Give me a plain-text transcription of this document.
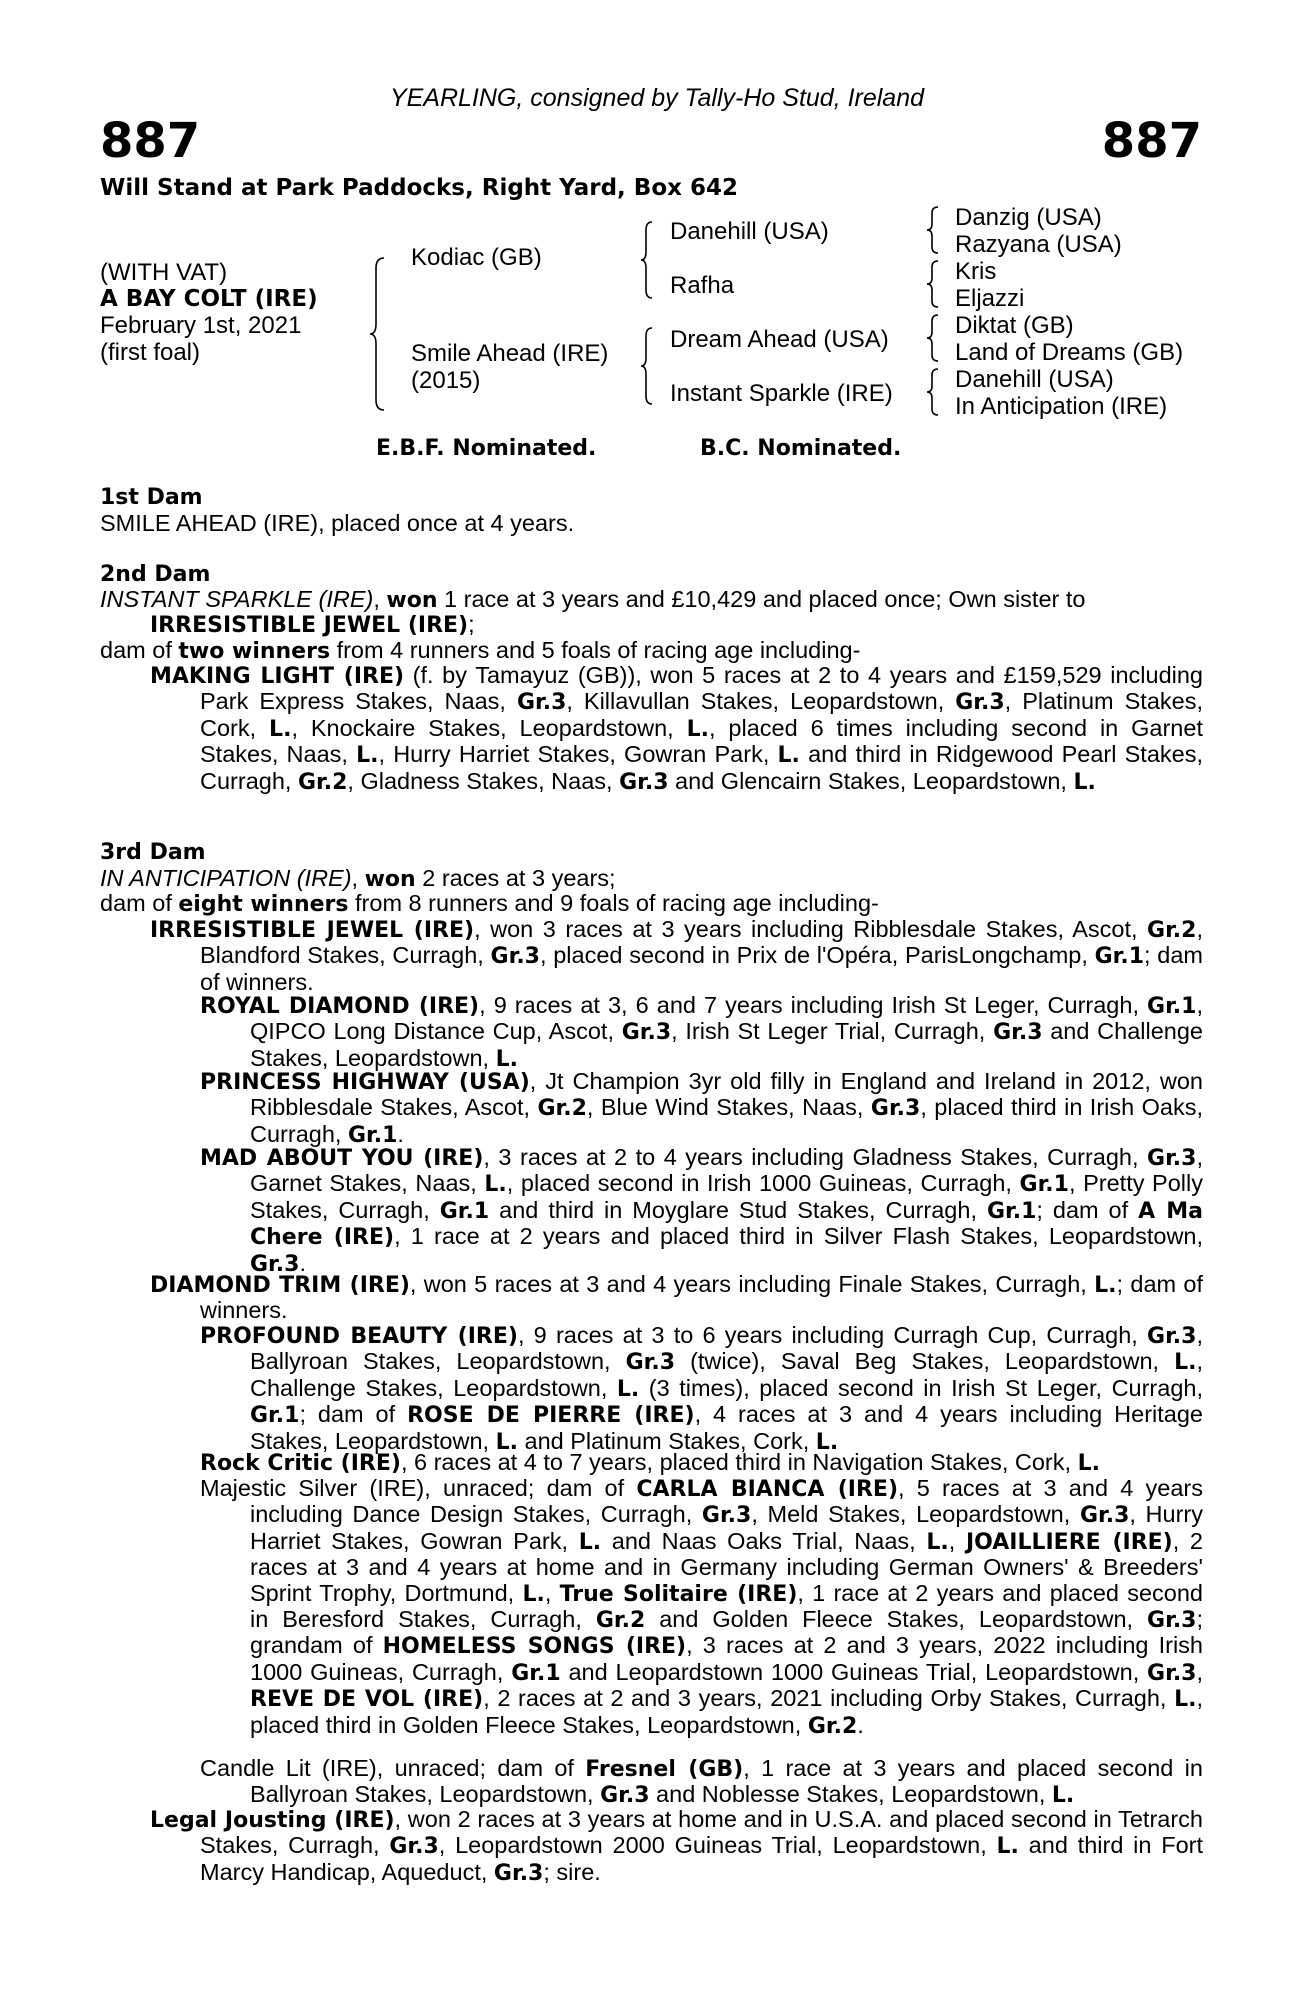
YEARLING, consigned by Tally-Ho Stud, Ireland
887	887
Will Stand at Park Paddocks, Right Yard, Box 642
(WITH VAT)
A BAY COLT (IRE)
February 1st, 2021
(first foal)
Kodiac (GB)
Smile Ahead (IRE)
(2015)
Danehill (USA)
Rafha
Dream Ahead (USA)
Instant Sparkle (IRE)
Danzig (USA)
Razyana (USA)
Kris
Eljazzi
Diktat (GB)
Land of Dreams (GB)
Danehill (USA)
In Anticipation (IRE)
E.B.F. Nominated.	B.C. Nominated.
1st Dam
SMILE AHEAD (IRE), placed once at 4 years.
2nd Dam
INSTANT SPARKLE (IRE), won 1 race at 3 years and £10,429 and placed once; Own sister to
IRRESISTIBLE JEWEL (IRE);
dam of two winners from 4 runners and 5 foals of racing age including-
MAKING LIGHT (IRE) (f. by Tamayuz (GB)), won 5 races at 2 to 4 years and £159,529 including Park Express Stakes, Naas, Gr.3, Killavullan Stakes, Leopardstown, Gr.3, Platinum Stakes, Cork, L., Knockaire Stakes, Leopardstown, L., placed 6 times including second in Garnet Stakes, Naas, L., Hurry Harriet Stakes, Gowran Park, L. and third in Ridgewood Pearl Stakes, Curragh, Gr.2, Gladness Stakes, Naas, Gr.3 and Glencairn Stakes, Leopardstown, L.
3rd Dam
IN ANTICIPATION (IRE), won 2 races at 3 years;
dam of eight winners from 8 runners and 9 foals of racing age including-
IRRESISTIBLE JEWEL (IRE), won 3 races at 3 years including Ribblesdale Stakes, Ascot, Gr.2, Blandford Stakes, Curragh, Gr.3, placed second in Prix de l'Opéra, ParisLongchamp, Gr.1; dam of winners.
ROYAL DIAMOND (IRE), 9 races at 3, 6 and 7 years including Irish St Leger, Curragh, Gr.1, QIPCO Long Distance Cup, Ascot, Gr.3, Irish St Leger Trial, Curragh, Gr.3 and Challenge Stakes, Leopardstown, L.
PRINCESS HIGHWAY (USA), Jt Champion 3yr old filly in England and Ireland in 2012, won Ribblesdale Stakes, Ascot, Gr.2, Blue Wind Stakes, Naas, Gr.3, placed third in Irish Oaks, Curragh, Gr.1.
MAD ABOUT YOU (IRE), 3 races at 2 to 4 years including Gladness Stakes, Curragh, Gr.3, Garnet Stakes, Naas, L., placed second in Irish 1000 Guineas, Curragh, Gr.1, Pretty Polly Stakes, Curragh, Gr.1 and third in Moyglare Stud Stakes, Curragh, Gr.1; dam of A Ma Chere (IRE), 1 race at 2 years and placed third in Silver Flash Stakes, Leopardstown, Gr.3.
DIAMOND TRIM (IRE), won 5 races at 3 and 4 years including Finale Stakes, Curragh, L.; dam of winners.
PROFOUND BEAUTY (IRE), 9 races at 3 to 6 years including Curragh Cup, Curragh, Gr.3, Ballyroan Stakes, Leopardstown, Gr.3 (twice), Saval Beg Stakes, Leopardstown, L., Challenge Stakes, Leopardstown, L. (3 times), placed second in Irish St Leger, Curragh, Gr.1; dam of ROSE DE PIERRE (IRE), 4 races at 3 and 4 years including Heritage Stakes, Leopardstown, L. and Platinum Stakes, Cork, L.
Rock Critic (IRE), 6 races at 4 to 7 years, placed third in Navigation Stakes, Cork, L.
Majestic Silver (IRE), unraced; dam of CARLA BIANCA (IRE), 5 races at 3 and 4 years including Dance Design Stakes, Curragh, Gr.3, Meld Stakes, Leopardstown, Gr.3, Hurry Harriet Stakes, Gowran Park, L. and Naas Oaks Trial, Naas, L., JOAILLIERE (IRE), 2 races at 3 and 4 years at home and in Germany including German Owners' & Breeders' Sprint Trophy, Dortmund, L., True Solitaire (IRE), 1 race at 2 years and placed second in Beresford Stakes, Curragh, Gr.2 and Golden Fleece Stakes, Leopardstown, Gr.3; grandam of HOMELESS SONGS (IRE), 3 races at 2 and 3 years, 2022 including Irish 1000 Guineas, Curragh, Gr.1 and Leopardstown 1000 Guineas Trial, Leopardstown, Gr.3, REVE DE VOL (IRE), 2 races at 2 and 3 years, 2021 including Orby Stakes, Curragh, L., placed third in Golden Fleece Stakes, Leopardstown, Gr.2.
Candle Lit (IRE), unraced; dam of Fresnel (GB), 1 race at 3 years and placed second in Ballyroan Stakes, Leopardstown, Gr.3 and Noblesse Stakes, Leopardstown, L.
Legal Jousting (IRE), won 2 races at 3 years at home and in U.S.A. and placed second in Tetrarch Stakes, Curragh, Gr.3, Leopardstown 2000 Guineas Trial, Leopardstown, L. and third in Fort Marcy Handicap, Aqueduct, Gr.3; sire.
